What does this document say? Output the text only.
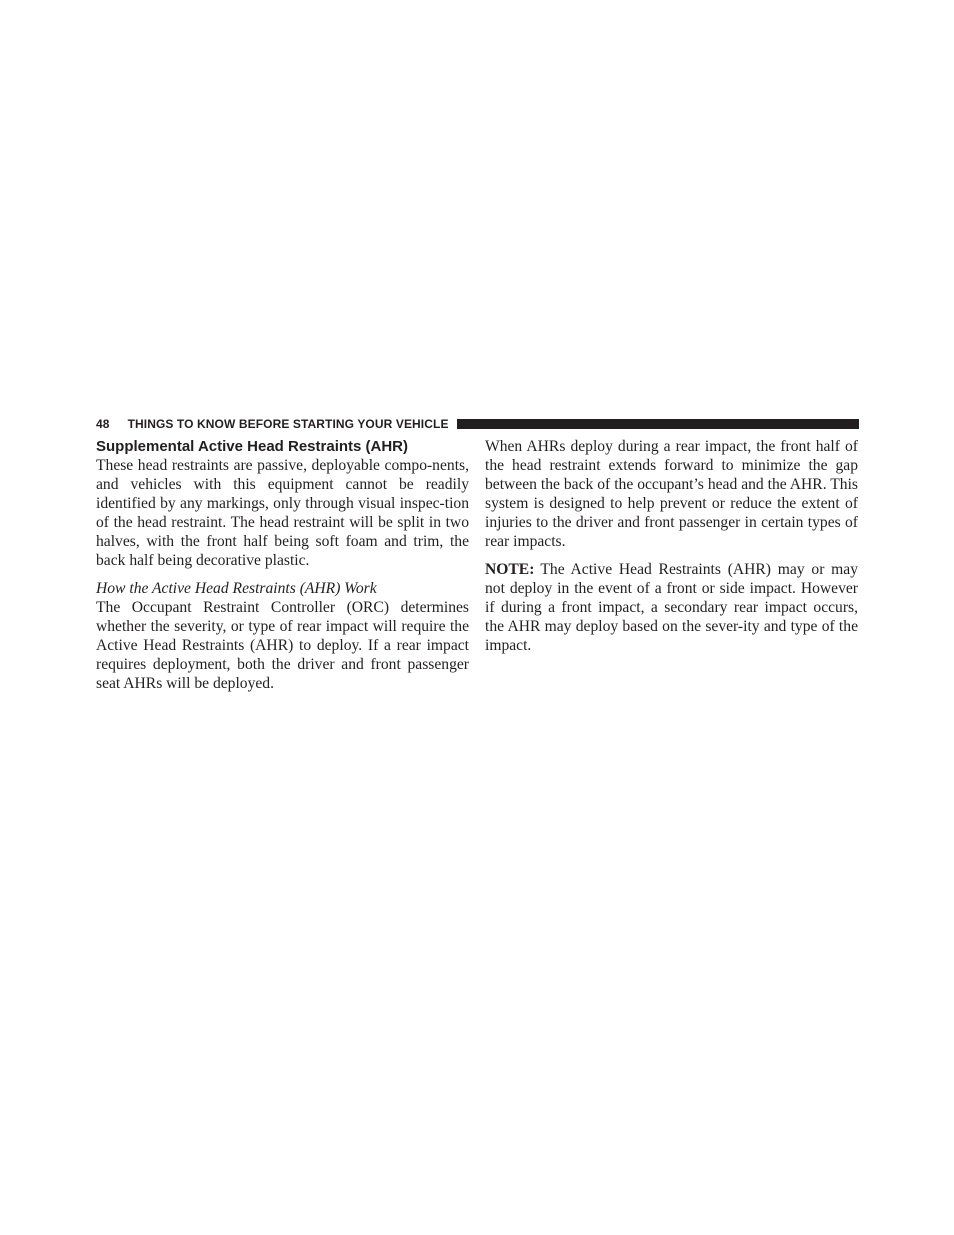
48	THINGS TO KNOW BEFORE STARTING YOUR VEHICLE
Supplemental Active Head Restraints (AHR)

These head restraints are passive, deployable compo-nents, and vehicles with this equipment cannot be readily identified by any markings, only through visual inspec-tion of the head restraint. The head restraint will be split in two halves, with the front half being soft foam and trim, the back half being decorative plastic.

How the Active Head Restraints (AHR) Work

The Occupant Restraint Controller (ORC) determines whether the severity, or type of rear impact will require the Active Head Restraints (AHR) to deploy. If a rear impact requires deployment, both the driver and front passenger seat AHRs will be deployed.

When AHRs deploy during a rear impact, the front half of the head restraint extends forward to minimize the gap between the back of the occupant’s head and the AHR. This system is designed to help prevent or reduce the extent of injuries to the driver and front passenger in certain types of rear impacts.

NOTE: The Active Head Restraints (AHR) may or may not deploy in the event of a front or side impact. However if during a front impact, a secondary rear impact occurs, the AHR may deploy based on the sever-ity and type of the impact.
